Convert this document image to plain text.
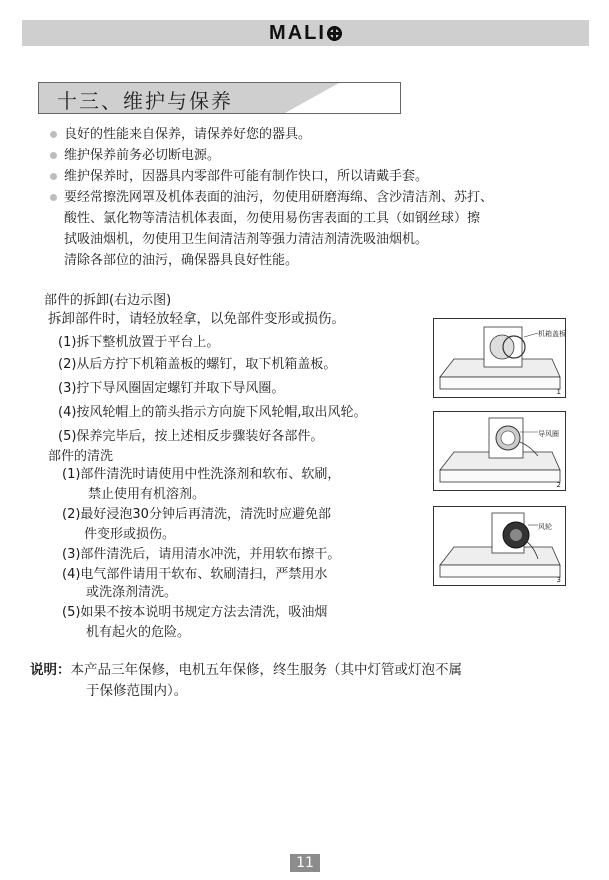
MALI
十三、维护与保养
良好的性能来自保养，请保养好您的器具。
维护保养前务必切断电源。
维护保养时，因器具内零部件可能有制作快口，所以请戴手套。
要经常擦洗网罩及机体表面的油污，勿使用研磨海绵、含沙清洁剂、苏打、
酸性、氯化物等清洁机体表面，勿使用易伤害表面的工具（如钢丝球）擦
拭吸油烟机，勿使用卫生间清洁剂等强力清洁剂清洗吸油烟机。
清除各部位的油污，确保器具良好性能。
部件的拆卸(右边示图)
拆卸部件时，请轻放轻拿，以免部件变形或损伤。
(1)拆下整机放置于平台上。
(2)从后方拧下机箱盖板的螺钉，取下机箱盖板。
(3)拧下导风圈固定螺钉并取下导风圈。
(4)按风轮帽上的箭头指示方向旋下风轮帽,取出风轮。
(5)保养完毕后，按上述相反步骤装好各部件。
部件的清洗
(1)部件清洗时请使用中性洗涤剂和软布、软刷，
禁止使用有机溶剂。
(2)最好浸泡30分钟后再清洗，清洗时应避免部
件变形或损伤。
(3)部件清洗后，请用清水冲洗，并用软布擦干。
(4)电气部件请用干软布、软刷清扫，严禁用水
或洗涤剂清洗。
(5)如果不按本说明书规定方法去清洗，吸油烟
机有起火的危险。
机箱盖板
1
导风圈
2
风轮
3
说明：本产品三年保修，电机五年保修，终生服务（其中灯管或灯泡不属
于保修范围内）。
11
